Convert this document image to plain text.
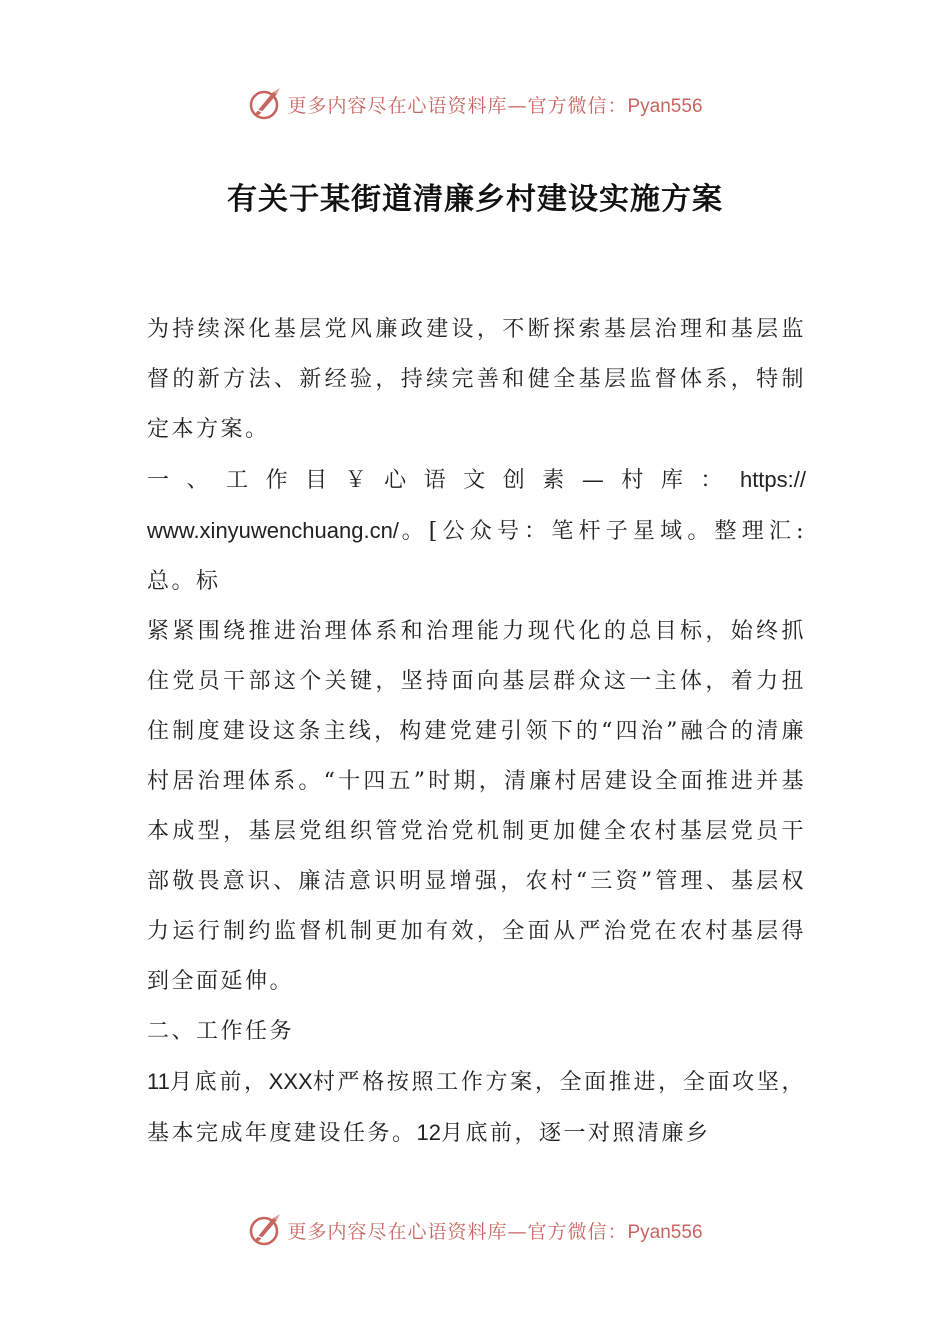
更多内容尽在心语资料库—官方微信：Pyan556
有关于某街道清廉乡村建设实施方案

为持续深化基层党风廉政建设，不断探索基层治理和基层监督的新方法、新经验，持续完善和健全基层监督体系，特制定本方案。

一、工作目￥心语文创素—村库：https://

www.xinyuwenchuang.cn/。[公众号：笔杆子星域。整理汇:

总。标

紧紧围绕推进治理体系和治理能力现代化的总目标，始终抓住党员干部这个关键，坚持面向基层群众这一主体，着力扭住制度建设这条主线，构建党建引领下的“四治”融合的清廉村居治理体系。“十四五”时期，清廉村居建设全面推进并基本成型，基层党组织管党治党机制更加健全农村基层党员干部敬畏意识、廉洁意识明显增强，农村“三资”管理、基层权力运行制约监督机制更加有效，全面从严治党在农村基层得到全面延伸。

二、工作任务

11月底前，XXX村严格按照工作方案，全面推进，全面攻坚，基本完成年度建设任务。12月底前，逐一对照清廉乡

更多内容尽在心语资料库—官方微信：Pyan556
